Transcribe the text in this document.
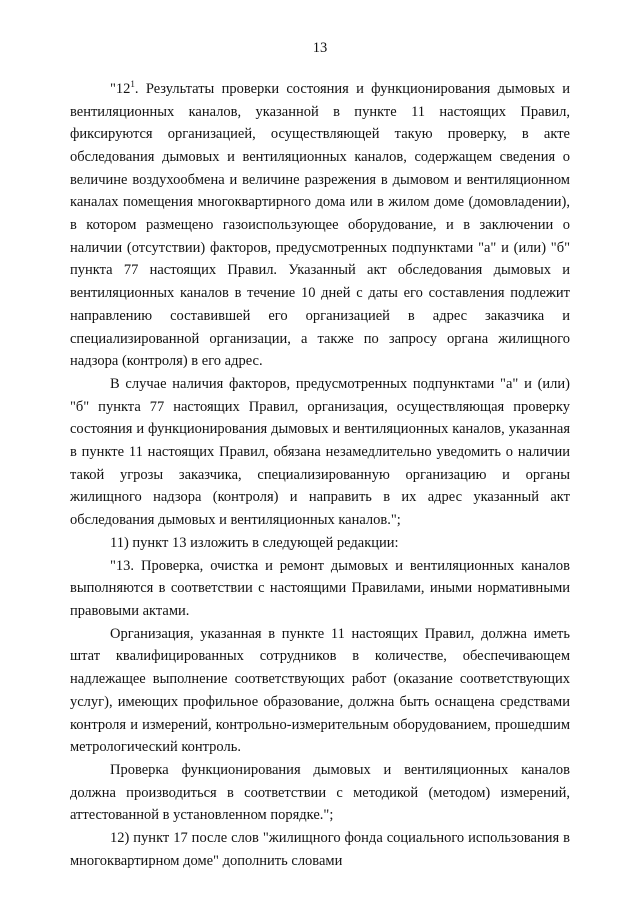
13

"$12^1$. Результаты проверки состояния и функционирования дымовых и вентиляционных каналов, указанной в пункте 11 настоящих Правил, фиксируются организацией, осуществляющей такую проверку, в акте обследования дымовых и вентиляционных каналов, содержащем сведения о величине воздухообмена и величине разрежения в дымовом и вентиляционном каналах помещения многоквартирного дома или в жилом доме (домовладении), в котором размещено газоиспользующее оборудование, и в заключении о наличии (отсутствии) факторов, предусмотренных подпунктами "а" и (или) "б" пункта 77 настоящих Правил. Указанный акт обследования дымовых и вентиляционных каналов в течение 10 дней с даты его составления подлежит направлению составившей его организацией в адрес заказчика и специализированной организации, а также по запросу органа жилищного надзора (контроля) в его адрес.

В случае наличия факторов, предусмотренных подпунктами "а" и (или) "б" пункта 77 настоящих Правил, организация, осуществляющая проверку состояния и функционирования дымовых и вентиляционных каналов, указанная в пункте 11 настоящих Правил, обязана незамедлительно уведомить о наличии такой угрозы заказчика, специализированную организацию и органы жилищного надзора (контроля) и направить в их адрес указанный акт обследования дымовых и вентиляционных каналов.";

11) пункт 13 изложить в следующей редакции:

"13. Проверка, очистка и ремонт дымовых и вентиляционных каналов выполняются в соответствии с настоящими Правилами, иными нормативными правовыми актами.

Организация, указанная в пункте 11 настоящих Правил, должна иметь штат квалифицированных сотрудников в количестве, обеспечивающем надлежащее выполнение соответствующих работ (оказание соответствующих услуг), имеющих профильное образование, должна быть оснащена средствами контроля и измерений, контрольно-измерительным оборудованием, прошедшим метрологический контроль.

Проверка функционирования дымовых и вентиляционных каналов должна производиться в соответствии с методикой (методом) измерений, аттестованной в установленном порядке.";

12) пункт 17 после слов "жилищного фонда социального использования в многоквартирном доме" дополнить словами
